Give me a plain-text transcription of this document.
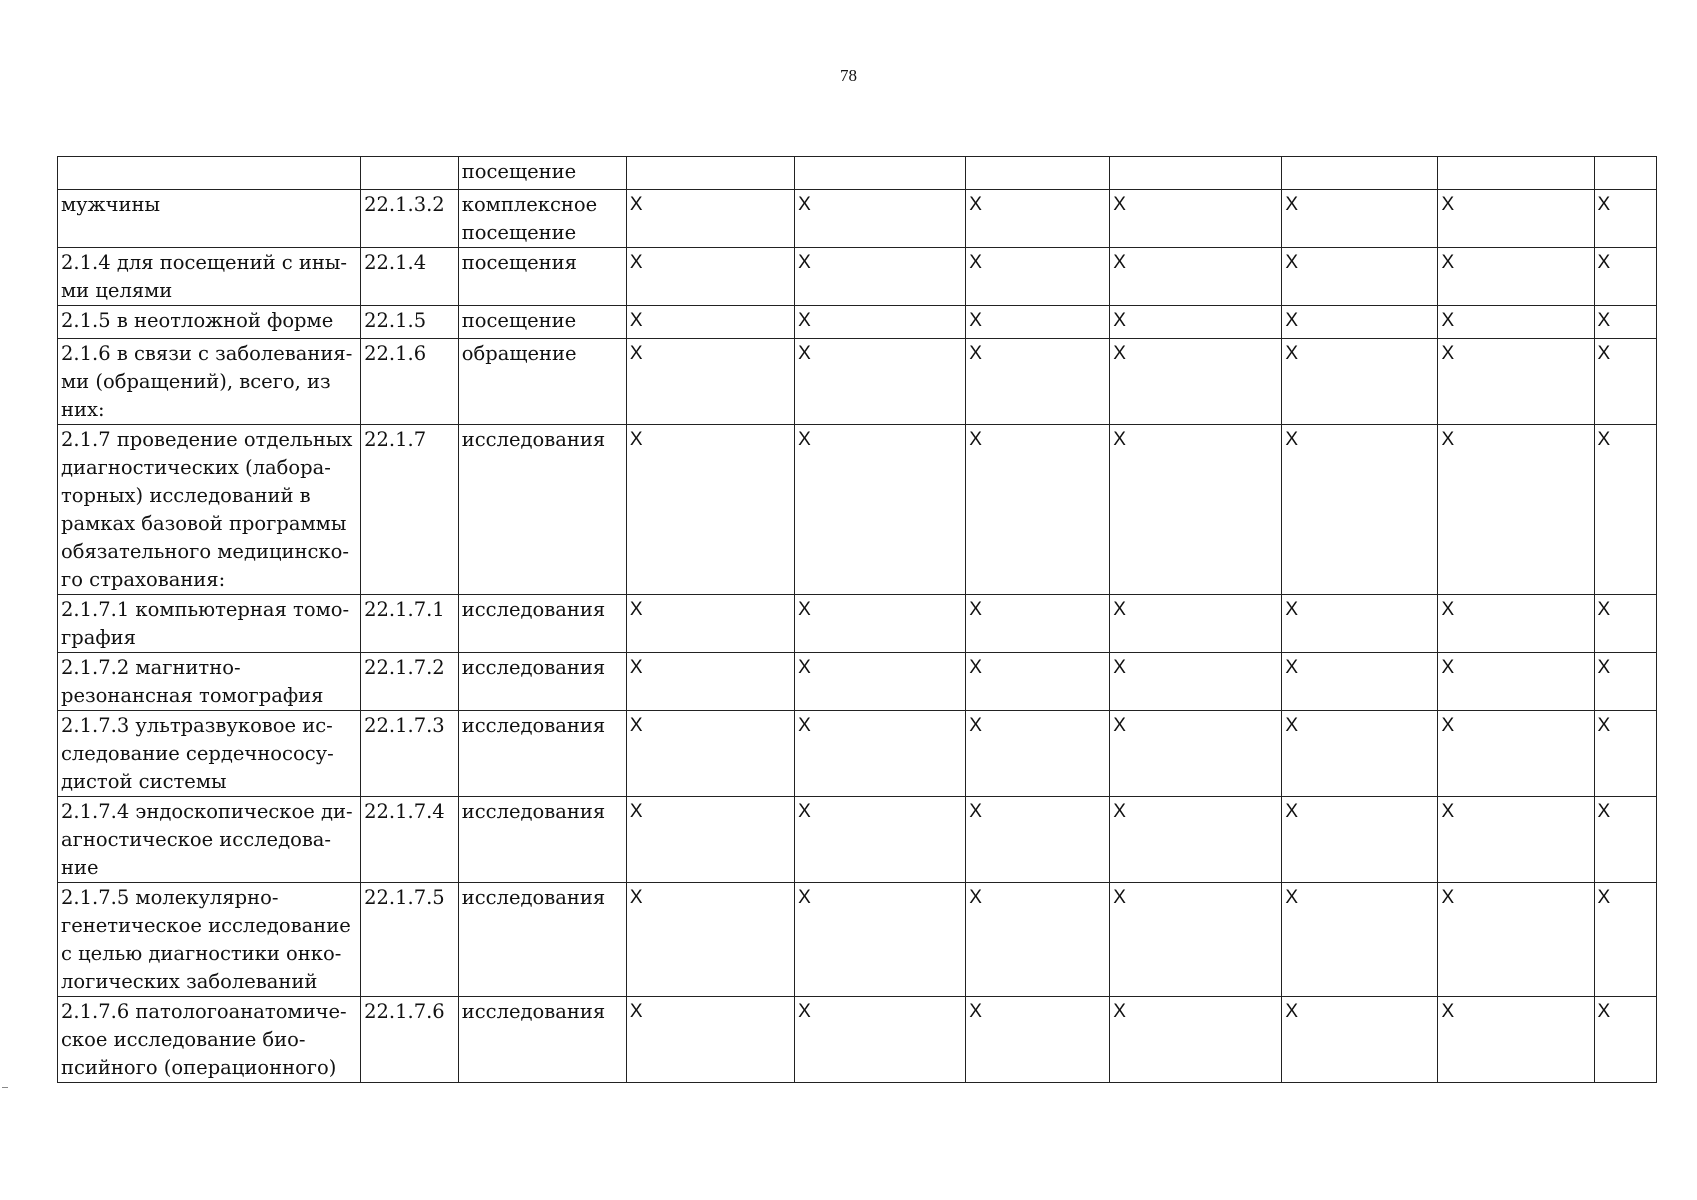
78
		посещение							
мужчины	22.1.3.2	комплексное посещение	X	X	X	X	X	X	X
2.1.4 для посещений с ины-ми целями	22.1.4	посещения	X	X	X	X	X	X	X
2.1.5 в неотложной форме	22.1.5	посещение	X	X	X	X	X	X	X
2.1.6 в связи с заболевания-ми (обращений), всего, из них:	22.1.6	обращение	X	X	X	X	X	X	X
2.1.7 проведение отдельных диагностических (лабора-торных) исследований в рамках базовой программы обязательного медицинско-го страхования:	22.1.7	исследования	X	X	X	X	X	X	X
2.1.7.1 компьютерная томо-графия	22.1.7.1	исследования	X	X	X	X	X	X	X
2.1.7.2 магнитно-резонансная томография	22.1.7.2	исследования	X	X	X	X	X	X	X
2.1.7.3 ультразвуковое ис-следование сердечнососу-дистой системы	22.1.7.3	исследования	X	X	X	X	X	X	X
2.1.7.4 эндоскопическое ди-агностическое исследова-ние	22.1.7.4	исследования	X	X	X	X	X	X	X
2.1.7.5 молекулярно-генетическое исследование с целью диагностики онко-логических заболеваний	22.1.7.5	исследования	X	X	X	X	X	X	X
2.1.7.6 патологоанатомиче-ское исследование био-псийного (операционного)	22.1.7.6	исследования	X	X	X	X	X	X	X
